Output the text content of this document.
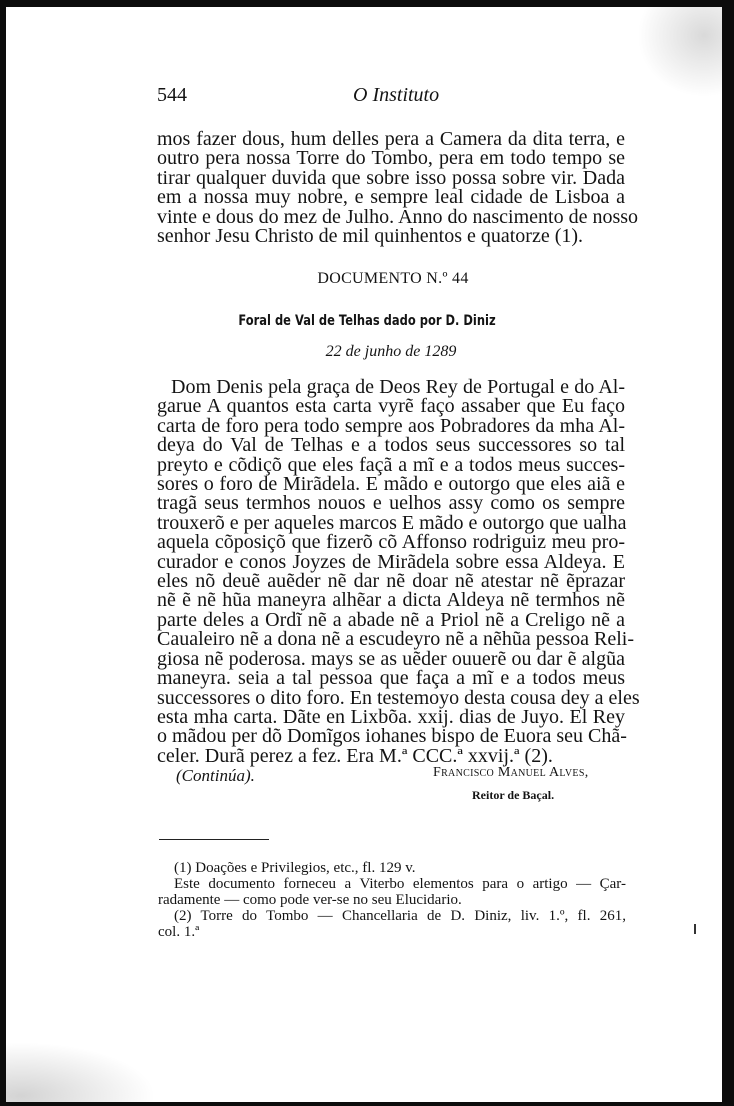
544	O Instituto
mos fazer dous, hum delles pera a Camera da dita terra, e
outro pera nossa Torre do Tombo, pera em todo tempo se
tirar qualquer duvida que sobre isso possa sobre vir. Dada
em a nossa muy nobre, e sempre leal cidade de Lisboa a
vinte e dous do mez de Julho. Anno do nascimento de nosso
senhor Jesu Christo de mil quinhentos e quatorze (1).
DOCUMENTO N.º 44
Foral de Val de Telhas dado por D. Diniz
22 de junho de 1289
Dom Denis pela graça de Deos Rey de Portugal e do Al-
garue A quantos esta carta vyrẽ faço assaber que Eu faço
carta de foro pera todo sempre aos Pobradores da mha Al-
deya do Val de Telhas e a todos seus successores so tal
preyto e cõdiçõ que eles façã a mĩ e a todos meus succes-
sores o foro de Mirãdela. E mãdo e outorgo que eles aiã e
tragã seus termhos nouos e uelhos assy como os sempre
trouxerõ e per aqueles marcos E mãdo e outorgo que ualha
aquela cõposiçõ que fizerõ cõ Affonso rodriguiz meu pro-
curador e conos Joyzes de Mirãdela sobre essa Aldeya. E
eles nõ deuẽ auẽder nẽ dar nẽ doar nẽ atestar nẽ ẽprazar
nẽ ẽ nẽ hũa maneyra alhẽar a dicta Aldeya nẽ termhos nẽ
parte deles a Ordĩ nẽ a abade nẽ a Priol nẽ a Creligo nẽ a
Caualeiro nẽ a dona nẽ a escudeyro nẽ a nẽhũa pessoa Reli-
giosa nẽ poderosa. mays se as uẽder ouuerẽ ou dar ẽ algũa
maneyra. seia a tal pessoa que faça a mĩ e a todos meus
successores o dito foro. En testemoyo desta cousa dey a eles
esta mha carta. Dãte en Lixbõa. xxij. dias de Juyo. El Rey
o mãdou per dõ Domĩgos iohanes bispo de Euora seu Chã-
celer. Durã perez a fez. Era M.ª CCC.ª xxvij.ª (2).
(Continúa).	Francisco Manuel Alves,
Reitor de Baçal.
(1) Doações e Privilegios, etc., fl. 129 v.
Este documento forneceu a Viterbo elementos para o artigo — Çar-
radamente — como pode ver-se no seu Elucidario.
(2) Torre do Tombo — Chancellaria de D. Diniz, liv. 1.º, fl. 261,
col. 1.ª
